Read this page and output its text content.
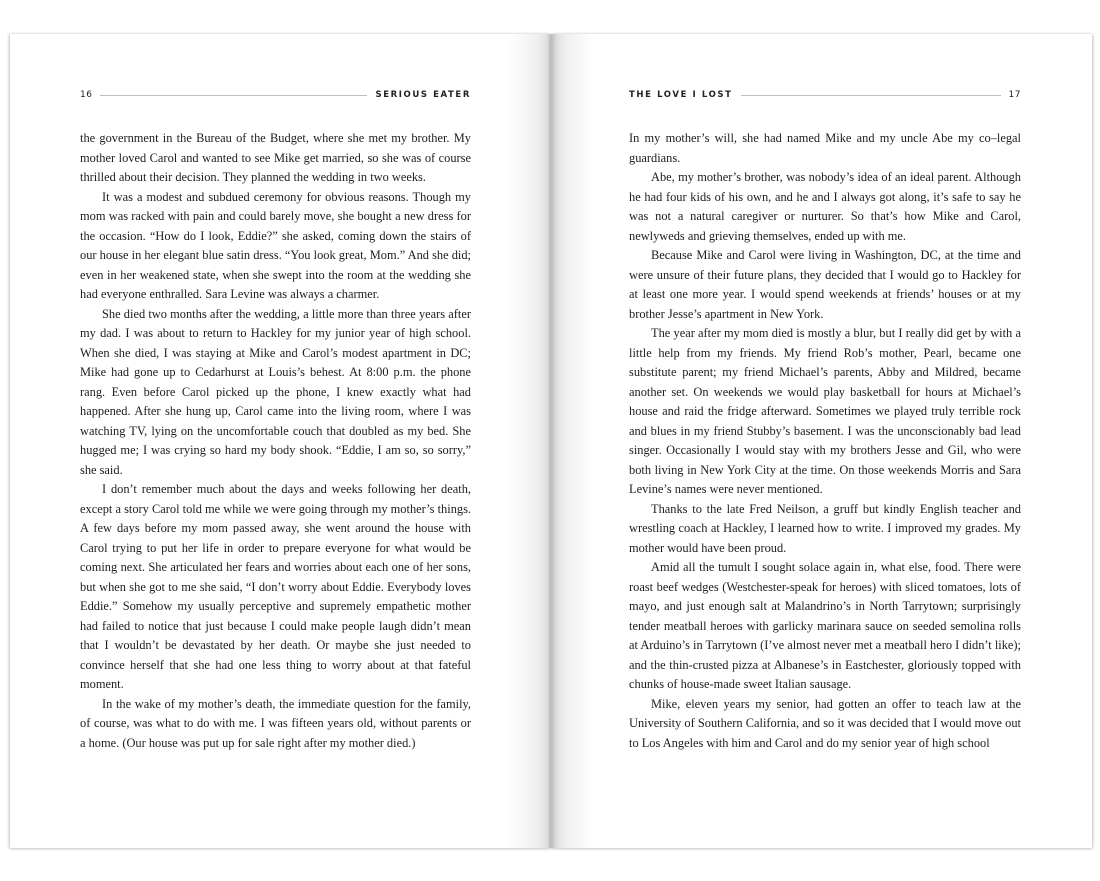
16	SERIOUS EATER

the government in the Bureau of the Budget, where she met my brother. My mother loved Carol and wanted to see Mike get married, so she was of course thrilled about their decision. They planned the wedding in two weeks.

It was a modest and subdued ceremony for obvious reasons. Though my mom was racked with pain and could barely move, she bought a new dress for the occasion. “How do I look, Eddie?” she asked, coming down the stairs of our house in her elegant blue satin dress. “You look great, Mom.” And she did; even in her weakened state, when she swept into the room at the wedding she had everyone enthralled. Sara Levine was always a charmer.

She died two months after the wedding, a little more than three years after my dad. I was about to return to Hackley for my junior year of high school. When she died, I was staying at Mike and Carol’s modest apartment in DC; Mike had gone up to Cedarhurst at Louis’s behest. At 8:00 p.m. the phone rang. Even before Carol picked up the phone, I knew exactly what had happened. After she hung up, Carol came into the living room, where I was watching TV, lying on the uncomfortable couch that doubled as my bed. She hugged me; I was crying so hard my body shook. “Eddie, I am so, so sorry,” she said.

I don’t remember much about the days and weeks following her death, except a story Carol told me while we were going through my mother’s things. A few days before my mom passed away, she went around the house with Carol trying to put her life in order to prepare everyone for what would be coming next. She articulated her fears and worries about each one of her sons, but when she got to me she said, “I don’t worry about Eddie. Everybody loves Eddie.” Somehow my usually perceptive and supremely empathetic mother had failed to notice that just because I could make people laugh didn’t mean that I wouldn’t be devastated by her death. Or maybe she just needed to convince herself that she had one less thing to worry about at that fateful moment.

In the wake of my mother’s death, the immediate question for the family, of course, was what to do with me. I was fifteen years old, without parents or a home. (Our house was put up for sale right after my mother died.)

THE LOVE I LOST	17

In my mother’s will, she had named Mike and my uncle Abe my co–legal guardians.

Abe, my mother’s brother, was nobody’s idea of an ideal parent. Although he had four kids of his own, and he and I always got along, it’s safe to say he was not a natural caregiver or nurturer. So that’s how Mike and Carol, newlyweds and grieving themselves, ended up with me.

Because Mike and Carol were living in Washington, DC, at the time and were unsure of their future plans, they decided that I would go to Hackley for at least one more year. I would spend weekends at friends’ houses or at my brother Jesse’s apartment in New York.

The year after my mom died is mostly a blur, but I really did get by with a little help from my friends. My friend Rob’s mother, Pearl, became one substitute parent; my friend Michael’s parents, Abby and Mildred, became another set. On weekends we would play basketball for hours at Michael’s house and raid the fridge afterward. Sometimes we played truly terrible rock and blues in my friend Stubby’s basement. I was the unconscionably bad lead singer. Occasionally I would stay with my brothers Jesse and Gil, who were both living in New York City at the time. On those weekends Morris and Sara Levine’s names were never mentioned.

Thanks to the late Fred Neilson, a gruff but kindly English teacher and wrestling coach at Hackley, I learned how to write. I improved my grades. My mother would have been proud.

Amid all the tumult I sought solace again in, what else, food. There were roast beef wedges (Westchester-speak for heroes) with sliced tomatoes, lots of mayo, and just enough salt at Malandrino’s in North Tarrytown; surprisingly tender meatball heroes with garlicky marinara sauce on seeded semolina rolls at Arduino’s in Tarrytown (I’ve almost never met a meatball hero I didn’t like); and the thin-crusted pizza at Albanese’s in Eastchester, gloriously topped with chunks of house-made sweet Italian sausage.

Mike, eleven years my senior, had gotten an offer to teach law at the University of Southern California, and so it was decided that I would move out to Los Angeles with him and Carol and do my senior year of high school
